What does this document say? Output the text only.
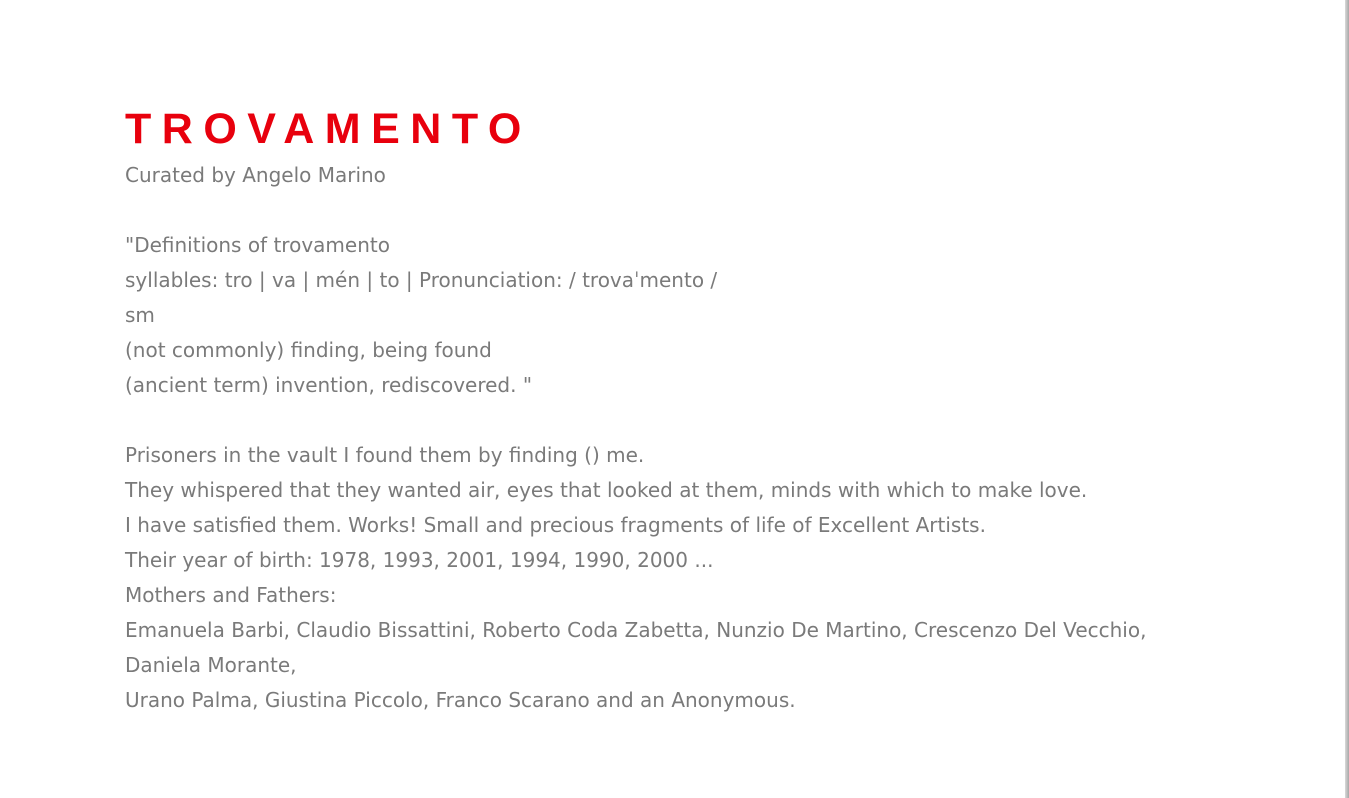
TROVAMENTO

Curated by Angelo Marino

"Definitions of trovamento

syllables: tro | va | mén | to | Pronunciation: / trovaˈmento /

sm

(not commonly) finding, being found

(ancient term) invention, rediscovered. "

Prisoners in the vault I found them by finding () me.

They whispered that they wanted air, eyes that looked at them, minds with which to make love.

I have satisfied them. Works! Small and precious fragments of life of Excellent Artists.

Their year of birth: 1978, 1993, 2001, 1994, 1990, 2000 ...

Mothers and Fathers:

Emanuela Barbi, Claudio Bissattini, Roberto Coda Zabetta, Nunzio De Martino, Crescenzo Del Vecchio,

Daniela Morante,

Urano Palma, Giustina Piccolo, Franco Scarano and an Anonymous.
